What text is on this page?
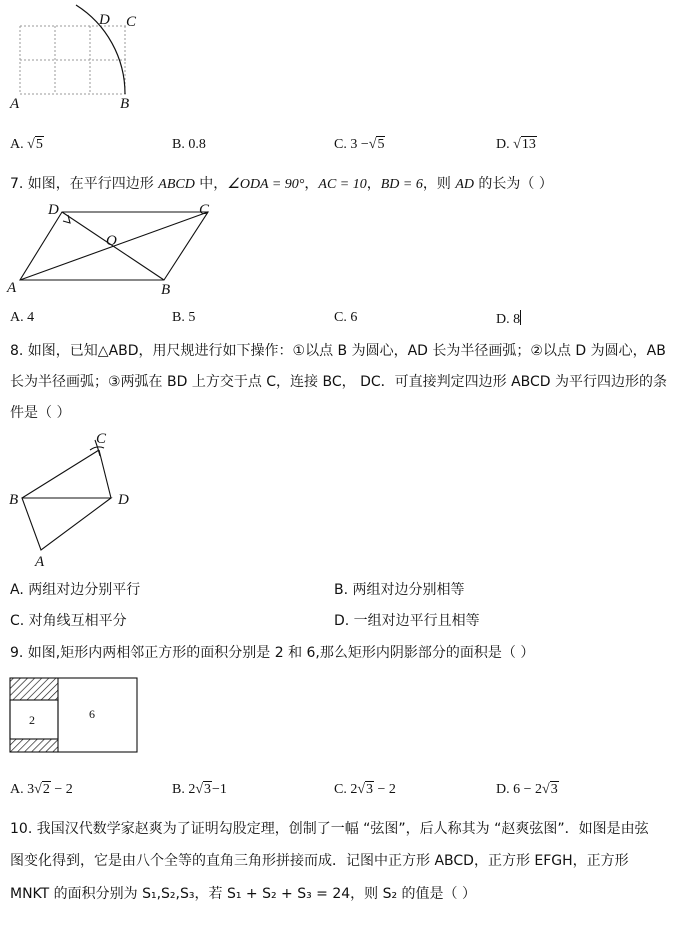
A	B
D C
A. √5	B. 0.8	C. 3 −√5	D. √13
7. 如图，在平行四边形 ABCD 中，∠ODA = 90°，AC = 10，BD = 6，则 AD 的长为（ ）
A	B
C
D
O
A. 4	B. 5	C. 6	D. 8
8. 如图，已知△ABD，用尺规进行如下操作：①以点 B 为圆心，AD 长为半径画弧；②以点 D 为圆心，AB
长为半径画弧；③两弧在 BD 上方交于点 C，连接 BC， DC．可直接判定四边形 ABCD 为平行四边形的条
件是（ ）
B	D
C
A
A. 两组对边分别平行	B. 两组对边分别相等
C. 对角线互相平分	D. 一组对边平行且相等
9. 如图,矩形内两相邻正方形的面积分别是 2 和 6,那么矩形内阴影部分的面积是（ ）
2	6
A. 3√2 − 2	B. 2√3−1	C. 2√3 − 2	D. 6 − 2√3
10. 我国汉代数学家赵爽为了证明勾股定理，创制了一幅 “弦图”，后人称其为 “赵爽弦图”．如图是由弦
图变化得到，它是由八个全等的直角三角形拼接而成．记图中正方形 ABCD，正方形 EFGH，正方形
MNKT 的面积分别为 S₁,S₂,S₃，若 S₁ + S₂ + S₃ = 24，则 S₂ 的值是（ ）
